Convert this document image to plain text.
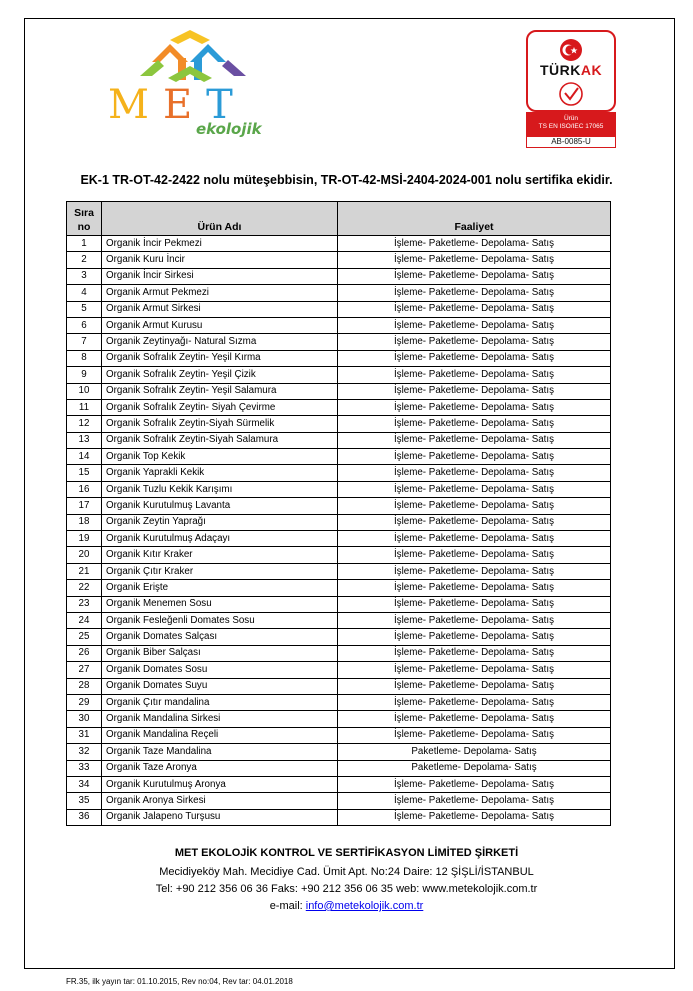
MET
ekolojik
TÜRKAK
Ürün
TS EN ISO/IEC 17065
AB-0085-U
EK-1 TR-OT-42-2422 nolu müteşebbisin, TR-OT-42-MSİ-2404-2024-001 nolu sertifika ekidir.
Sıra
no	Ürün Adı	Faaliyet
1	Organik İncir Pekmezi	İşleme- Paketleme- Depolama- Satış
2	Organik Kuru İncir	İşleme- Paketleme- Depolama- Satış
3	Organik İncir Sirkesi	İşleme- Paketleme- Depolama- Satış
4	Organik Armut Pekmezi	İşleme- Paketleme- Depolama- Satış
5	Organik Armut Sirkesi	İşleme- Paketleme- Depolama- Satış
6	Organik Armut Kurusu	İşleme- Paketleme- Depolama- Satış
7	Organik Zeytinyağı- Natural Sızma	İşleme- Paketleme- Depolama- Satış
8	Organik Sofralık Zeytin- Yeşil Kırma	İşleme- Paketleme- Depolama- Satış
9	Organik Sofralık Zeytin- Yeşil Çizik	İşleme- Paketleme- Depolama- Satış
10	Organik Sofralık Zeytin- Yeşil Salamura	İşleme- Paketleme- Depolama- Satış
11	Organik Sofralık Zeytin- Siyah Çevirme	İşleme- Paketleme- Depolama- Satış
12	Organik Sofralık Zeytin-Siyah Sürmelik	İşleme- Paketleme- Depolama- Satış
13	Organik Sofralık Zeytin-Siyah Salamura	İşleme- Paketleme- Depolama- Satış
14	Organik Top Kekik	İşleme- Paketleme- Depolama- Satış
15	Organik Yaprakli Kekik	İşleme- Paketleme- Depolama- Satış
16	Organik Tuzlu Kekik Karışımı	İşleme- Paketleme- Depolama- Satış
17	Organik Kurutulmuş Lavanta	İşleme- Paketleme- Depolama- Satış
18	Organik Zeytin Yaprağı	İşleme- Paketleme- Depolama- Satış
19	Organik Kurutulmuş Adaçayı	İşleme- Paketleme- Depolama- Satış
20	Organik Kıtır Kraker	İşleme- Paketleme- Depolama- Satış
21	Organik Çıtır Kraker	İşleme- Paketleme- Depolama- Satış
22	Organik Erişte	İşleme- Paketleme- Depolama- Satış
23	Organik Menemen Sosu	İşleme- Paketleme- Depolama- Satış
24	Organik Fesleğenli Domates Sosu	İşleme- Paketleme- Depolama- Satış
25	Organik Domates Salçası	İşleme- Paketleme- Depolama- Satış
26	Organik Biber Salçası	İşleme- Paketleme- Depolama- Satış
27	Organik Domates Sosu	İşleme- Paketleme- Depolama- Satış
28	Organik Domates Suyu	İşleme- Paketleme- Depolama- Satış
29	Organik Çıtır mandalina	İşleme- Paketleme- Depolama- Satış
30	Organik Mandalina Sirkesi	İşleme- Paketleme- Depolama- Satış
31	Organik Mandalina Reçeli	İşleme- Paketleme- Depolama- Satış
32	Organik Taze Mandalina	Paketleme- Depolama- Satış
33	Organik Taze Aronya	Paketleme- Depolama- Satış
34	Organik Kurutulmuş Aronya	İşleme- Paketleme- Depolama- Satış
35	Organik Aronya Sirkesi	İşleme- Paketleme- Depolama- Satış
36	Organik Jalapeno Turşusu	İşleme- Paketleme- Depolama- Satış
MET EKOLOJİK KONTROL VE SERTİFİKASYON LİMİTED ŞİRKETİ
Mecidiyeköy Mah. Mecidiye Cad. Ümit Apt. No:24 Daire: 12 ŞİŞLİ/İSTANBUL
Tel: +90 212 356 06 36 Faks: +90 212 356 06 35 web: www.metekolojik.com.tr
e-mail: info@metekolojik.com.tr
FR.35, ilk yayın tar: 01.10.2015, Rev no:04, Rev tar: 04.01.2018
